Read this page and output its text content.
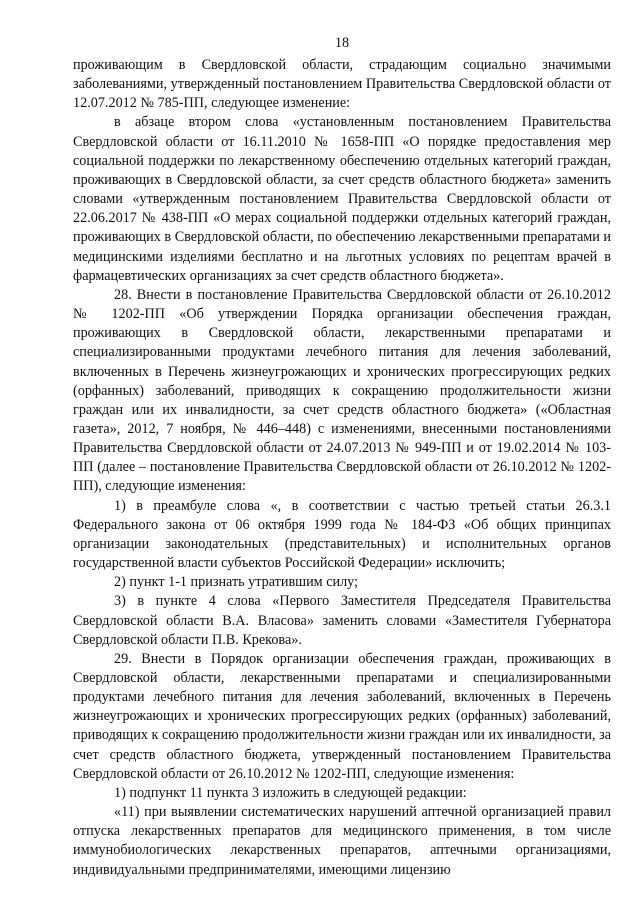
18

проживающим в Свердловской области, страдающим социально значимыми заболеваниями, утвержденный постановлением Правительства Свердловской области от 12.07.2012 № 785-ПП, следующее изменение:

в абзаце втором слова «установленным постановлением Правительства Свердловской области от 16.11.2010 № 1658-ПП «О порядке предоставления мер социальной поддержки по лекарственному обеспечению отдельных категорий граждан, проживающих в Свердловской области, за счет средств областного бюджета» заменить словами «утвержденным постановлением Правительства Свердловской области от 22.06.2017 № 438-ПП «О мерах социальной поддержки отдельных категорий граждан, проживающих в Свердловской области, по обеспечению лекарственными препаратами и медицинскими изделиями бесплатно и на льготных условиях по рецептам врачей в фармацевтических организациях за счет средств областного бюджета».

28. Внести в постановление Правительства Свердловской области от 26.10.2012 № 1202-ПП «Об утверждении Порядка организации обеспечения граждан, проживающих в Свердловской области, лекарственными препаратами и специализированными продуктами лечебного питания для лечения заболеваний, включенных в Перечень жизнеугрожающих и хронических прогрессирующих редких (орфанных) заболеваний, приводящих к сокращению продолжительности жизни граждан или их инвалидности, за счет средств областного бюджета» («Областная газета», 2012, 7 ноября, № 446–448) с изменениями, внесенными постановлениями Правительства Свердловской области от 24.07.2013 № 949-ПП и от 19.02.2014 № 103-ПП (далее – постановление Правительства Свердловской области от 26.10.2012 № 1202-ПП), следующие изменения:

1) в преамбуле слова «, в соответствии с частью третьей статьи 26.3.1 Федерального закона от 06 октября 1999 года № 184-ФЗ «Об общих принципах организации законодательных (представительных) и исполнительных органов государственной власти субъектов Российской Федерации» исключить;

2) пункт 1-1 признать утратившим силу;

3) в пункте 4 слова «Первого Заместителя Председателя Правительства Свердловской области В.А. Власова» заменить словами «Заместителя Губернатора Свердловской области П.В. Крекова».

29. Внести в Порядок организации обеспечения граждан, проживающих в Свердловской области, лекарственными препаратами и специализированными продуктами лечебного питания для лечения заболеваний, включенных в Перечень жизнеугрожающих и хронических прогрессирующих редких (орфанных) заболеваний, приводящих к сокращению продолжительности жизни граждан или их инвалидности, за счет средств областного бюджета, утвержденный постановлением Правительства Свердловской области от 26.10.2012 № 1202-ПП, следующие изменения:

1) подпункт 11 пункта 3 изложить в следующей редакции:

«11) при выявлении систематических нарушений аптечной организацией правил отпуска лекарственных препаратов для медицинского применения, в том числе иммунобиологических лекарственных препаратов, аптечными организациями, индивидуальными предпринимателями, имеющими лицензию
